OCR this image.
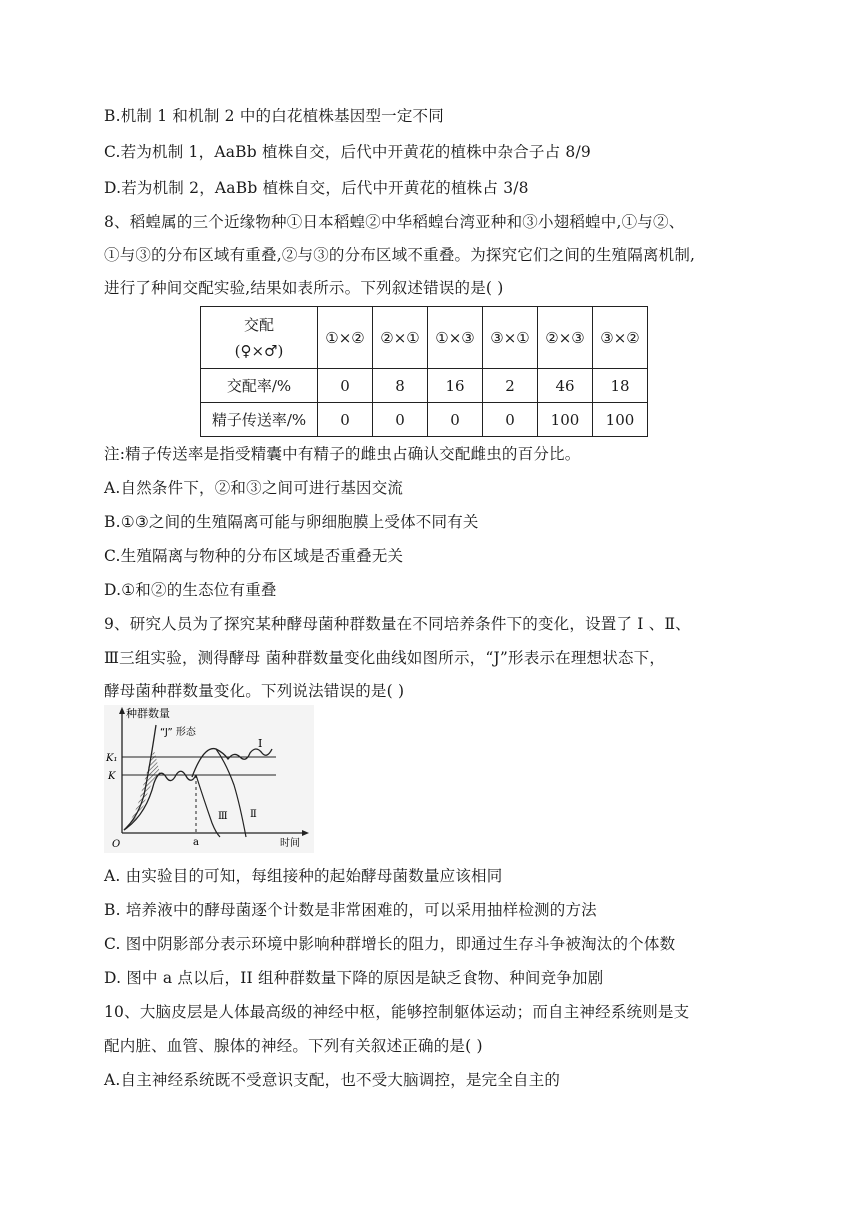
B.机制 1 和机制 2 中的白花植株基因型一定不同
C.若为机制 1，AaBb 植株自交，后代中开黄花的植株中杂合子占 8/9
D.若为机制 2，AaBb 植株自交，后代中开黄花的植株占 3/8
8、稻蝗属的三个近缘物种①日本稻蝗②中华稻蝗台湾亚种和③小翅稻蝗中,①与②、
①与③的分布区域有重叠,②与③的分布区域不重叠。为探究它们之间的生殖隔离机制,
进行了种间交配实验,结果如表所示。下列叙述错误的是( )
交配
(♀×♂)	①×②	②×①	①×③	③×①	②×③	③×②
交配率/%	0	8	16	2	46	18
精子传送率/%	0	0	0	0	100	100
注:精子传送率是指受精囊中有精子的雌虫占确认交配雌虫的百分比。
A.自然条件下，②和③之间可进行基因交流
B.①③之间的生殖隔离可能与卵细胞膜上受体不同有关
C.生殖隔离与物种的分布区域是否重叠无关
D.①和②的生态位有重叠
9、研究人员为了探究某种酵母菌种群数量在不同培养条件下的变化，设置了 I 、Ⅱ、
Ⅲ三组实验，测得酵母 菌种群数量变化曲线如图所示，“J”形表示在理想状态下，
酵母菌种群数量变化。下列说法错误的是( )
种群数量
“J” 形态
K₁
K
O	时间
a
I
Ⅱ
Ⅲ
A. 由实验目的可知，每组接种的起始酵母菌数量应该相同
B. 培养液中的酵母菌逐个计数是非常困难的，可以采用抽样检测的方法
C. 图中阴影部分表示环境中影响种群增长的阻力，即通过生存斗争被淘汰的个体数
D. 图中 a 点以后，II 组种群数量下降的原因是缺乏食物、种间竞争加剧
10、大脑皮层是人体最高级的神经中枢，能够控制躯体运动；而自主神经系统则是支
配内脏、血管、腺体的神经。下列有关叙述正确的是( )
A.自主神经系统既不受意识支配，也不受大脑调控，是完全自主的
